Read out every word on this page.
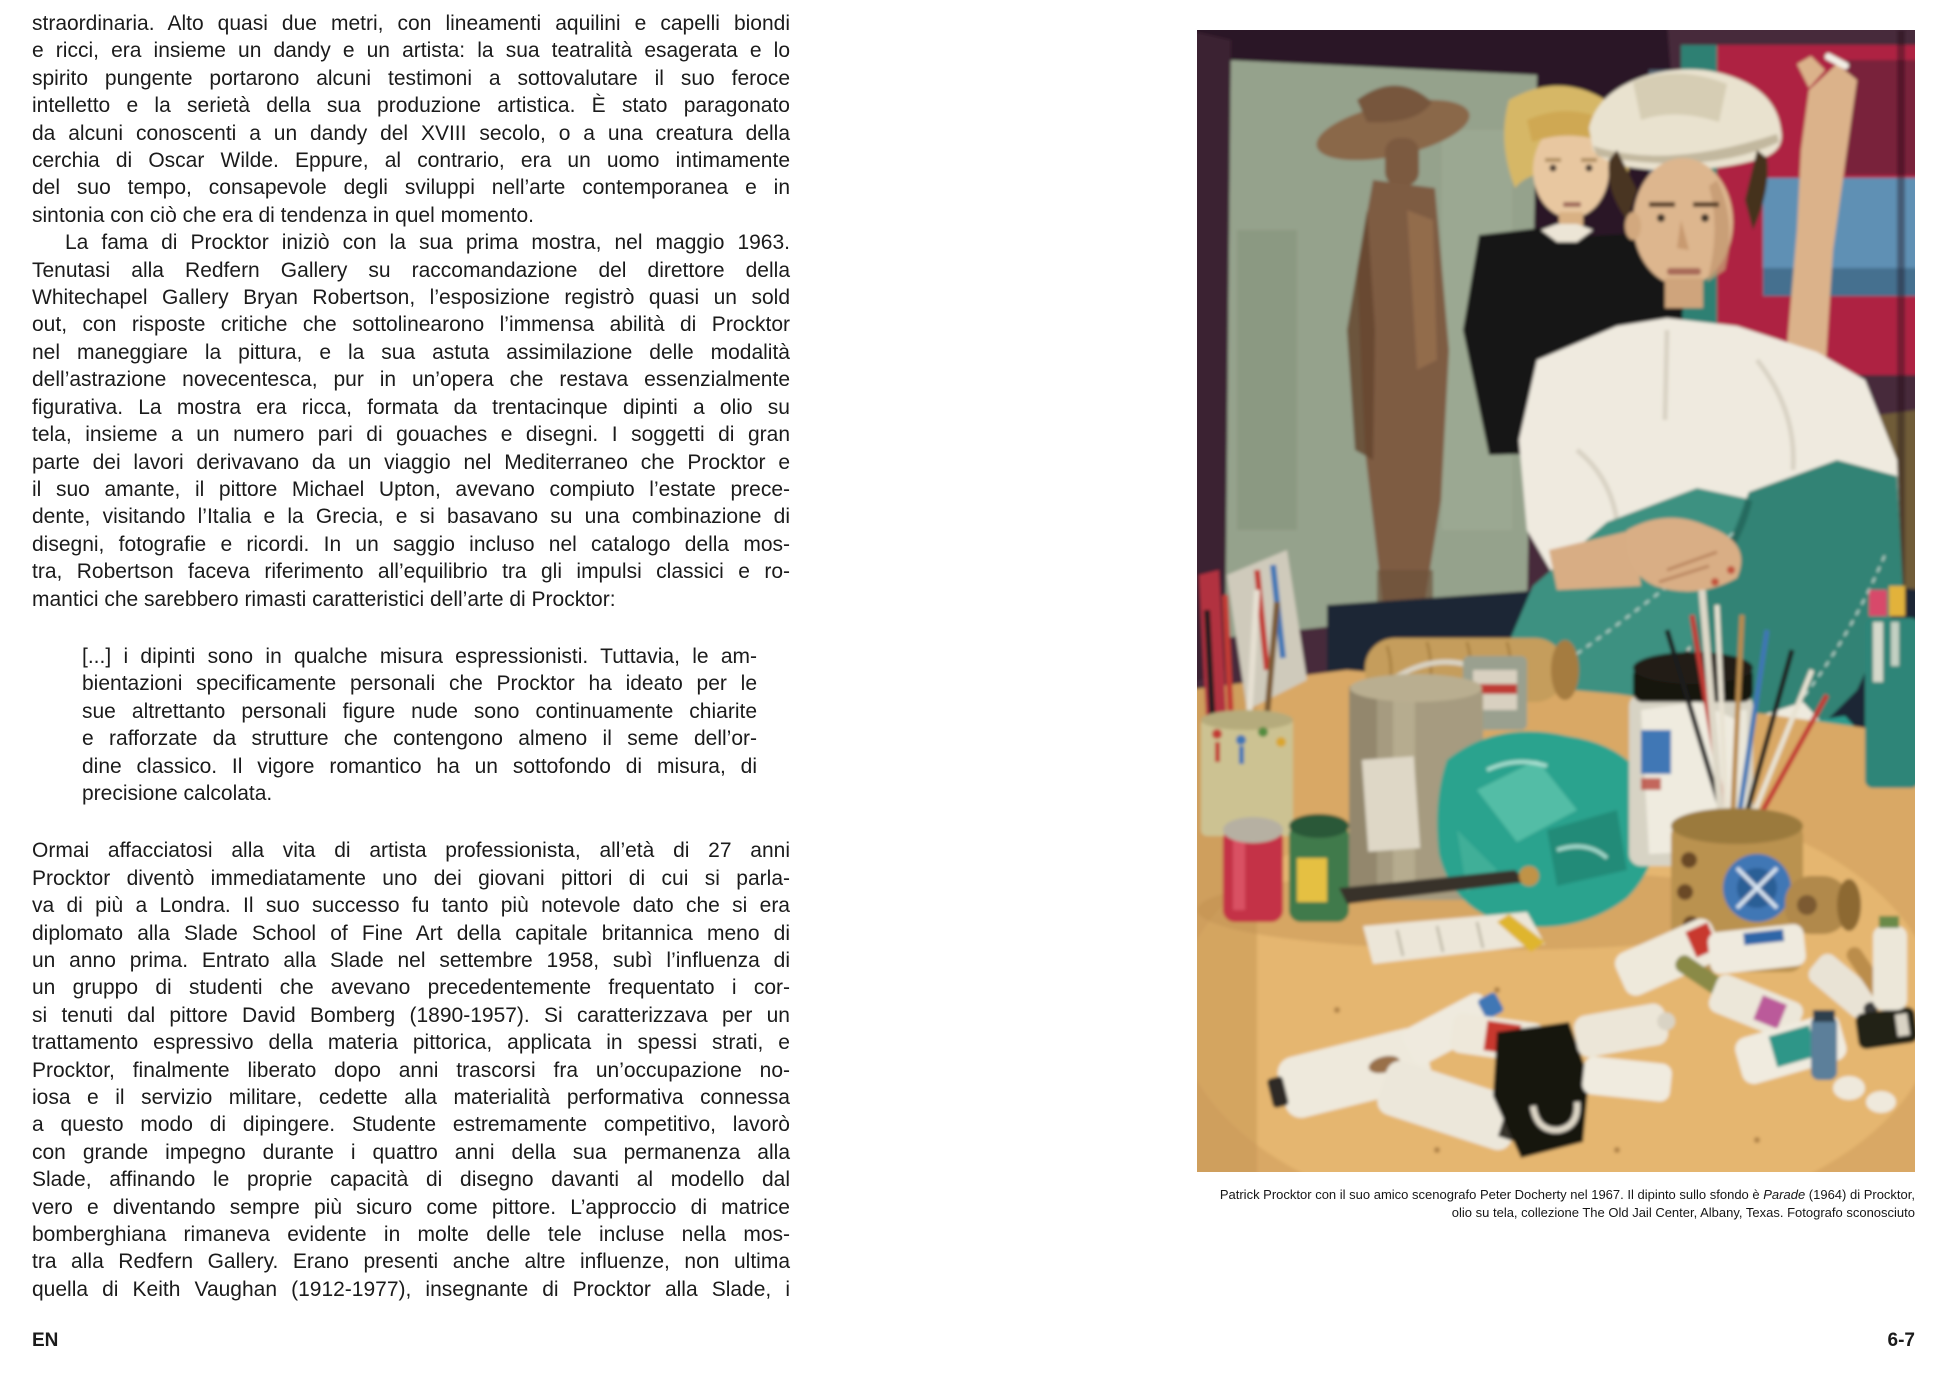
straordinaria. Alto quasi due metri, con lineamenti aquilini e capelli biondi
e ricci, era insieme un dandy e un artista: la sua teatralità esagerata e lo
spirito pungente portarono alcuni testimoni a sottovalutare il suo feroce
intelletto e la serietà della sua produzione artistica. È stato paragonato
da alcuni conoscenti a un dandy del XVIII secolo, o a una creatura della
cerchia di Oscar Wilde. Eppure, al contrario, era un uomo intimamente
del suo tempo, consapevole degli sviluppi nell’arte contemporanea e in
sintonia con ciò che era di tendenza in quel momento.
La fama di Procktor iniziò con la sua prima mostra, nel maggio 1963.
Tenutasi alla Redfern Gallery su raccomandazione del direttore della
Whitechapel Gallery Bryan Robertson, l’esposizione registrò quasi un sold
out, con risposte critiche che sottolinearono l’immensa abilità di Procktor
nel maneggiare la pittura, e la sua astuta assimilazione delle modalità
dell’astrazione novecentesca, pur in un’opera che restava essenzialmente
figurativa. La mostra era ricca, formata da trentacinque dipinti a olio su
tela, insieme a un numero pari di gouaches e disegni. I soggetti di gran
parte dei lavori derivavano da un viaggio nel Mediterraneo che Procktor e
il suo amante, il pittore Michael Upton, avevano compiuto l’estate prece-
dente, visitando l’Italia e la Grecia, e si basavano su una combinazione di
disegni, fotografie e ricordi. In un saggio incluso nel catalogo della mos-
tra, Robertson faceva riferimento all’equilibrio tra gli impulsi classici e ro-
mantici che sarebbero rimasti caratteristici dell’arte di Procktor:
[...] i dipinti sono in qualche misura espressionisti. Tuttavia, le am-
bientazioni specificamente personali che Procktor ha ideato per le
sue altrettanto personali figure nude sono continuamente chiarite
e rafforzate da strutture che contengono almeno il seme dell’or-
dine classico. Il vigore romantico ha un sottofondo di misura, di
precisione calcolata.
Ormai affacciatosi alla vita di artista professionista, all’età di 27 anni
Procktor diventò immediatamente uno dei giovani pittori di cui si parla-
va di più a Londra. Il suo successo fu tanto più notevole dato che si era
diplomato alla Slade School of Fine Art della capitale britannica meno di
un anno prima. Entrato alla Slade nel settembre 1958, subì l’influenza di
un gruppo di studenti che avevano precedentemente frequentato i cor-
si tenuti dal pittore David Bomberg (1890-1957). Si caratterizzava per un
trattamento espressivo della materia pittorica, applicata in spessi strati, e
Procktor, finalmente liberato dopo anni trascorsi fra un’occupazione no-
iosa e il servizio militare, cedette alla materialità performativa connessa
a questo modo di dipingere. Studente estremamente competitivo, lavorò
con grande impegno durante i quattro anni della sua permanenza alla
Slade, affinando le proprie capacità di disegno davanti al modello dal
vero e diventando sempre più sicuro come pittore. L’approccio di matrice
bomberghiana rimaneva evidente in molte delle tele incluse nella mos-
tra alla Redfern Gallery. Erano presenti anche altre influenze, non ultima
quella di Keith Vaughan (1912-1977), insegnante di Procktor alla Slade, i
Patrick Procktor con il suo amico scenografo Peter Docherty nel 1967. Il dipinto sullo sfondo è Parade (1964) di Procktor,
olio su tela, collezione The Old Jail Center, Albany, Texas. Fotografo sconosciuto
EN	6-7
